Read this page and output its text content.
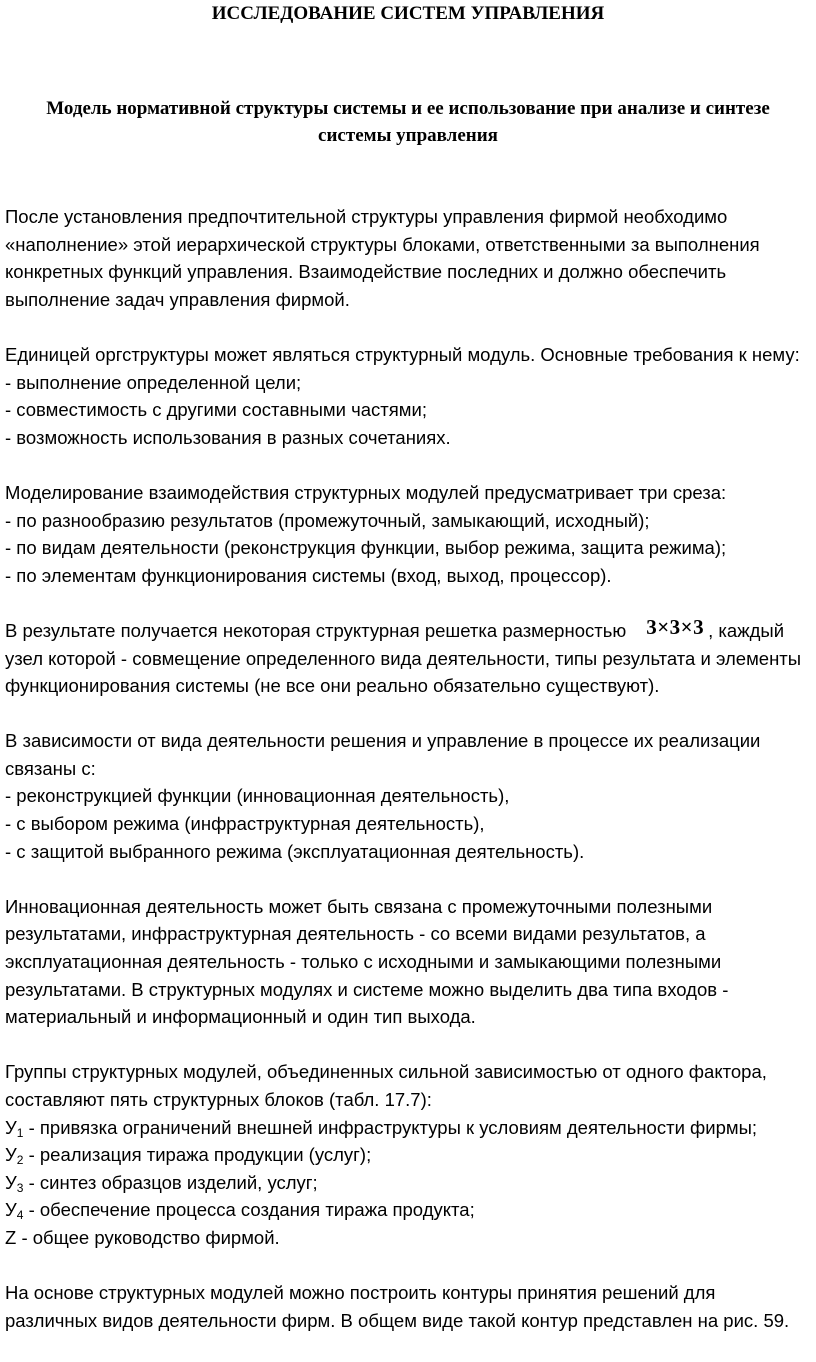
ИССЛЕДОВАНИЕ СИСТЕМ УПРАВЛЕНИЯ
Модель нормативной структуры системы и ее использование при анализе и синтезе
системы управления

После установления предпочтительной структуры управления фирмой необходимо
«наполнение» этой иерархической структуры блоками, ответственными за выполнения
конкретных функций управления. Взаимодействие последних и должно обеспечить
выполнение задач управления фирмой.

Единицей оргструктуры может являться структурный модуль. Основные требования к нему:
- выполнение определенной цели;
- совместимость с другими составными частями;
- возможность использования в разных сочетаниях.

Моделирование взаимодействия структурных модулей предусматривает три среза:
- по разнообразию результатов (промежуточный, замыкающий, исходный);
- по видам деятельности (реконструкция функции, выбор режима, защита режима);
- по элементам функционирования системы (вход, выход, процессор).

В результате получается некоторая структурная решетка размерностью 3×3×3 , каждый
узел которой - совмещение определенного вида деятельности, типы результата и элементы
функционирования системы (не все они реально обязательно существуют).

В зависимости от вида деятельности решения и управление в процессе их реализации
связаны с:
- реконструкцией функции (инновационная деятельность),
- с выбором режима (инфраструктурная деятельность),
- с защитой выбранного режима (эксплуатационная деятельность).

Инновационная деятельность может быть связана с промежуточными полезными
результатами, инфраструктурная деятельность - со всеми видами результатов, а
эксплуатационная деятельность - только с исходными и замыкающими полезными
результатами. В структурных модулях и системе можно выделить два типа входов -
материальный и информационный и один тип выхода.

Группы структурных модулей, объединенных сильной зависимостью от одного фактора,
составляют пять структурных блоков (табл. 17.7):
$У_1$ - привязка ограничений внешней инфраструктуры к условиям деятельности фирмы;
$У_2$ - реализация тиража продукции (услуг);
$У_3$ - синтез образцов изделий, услуг;
$У_4$ - обеспечение процесса создания тиража продукта;
Z - общее руководство фирмой.

На основе структурных модулей можно построить контуры принятия решений для
различных видов деятельности фирм. В общем виде такой контур представлен на рис. 59.
